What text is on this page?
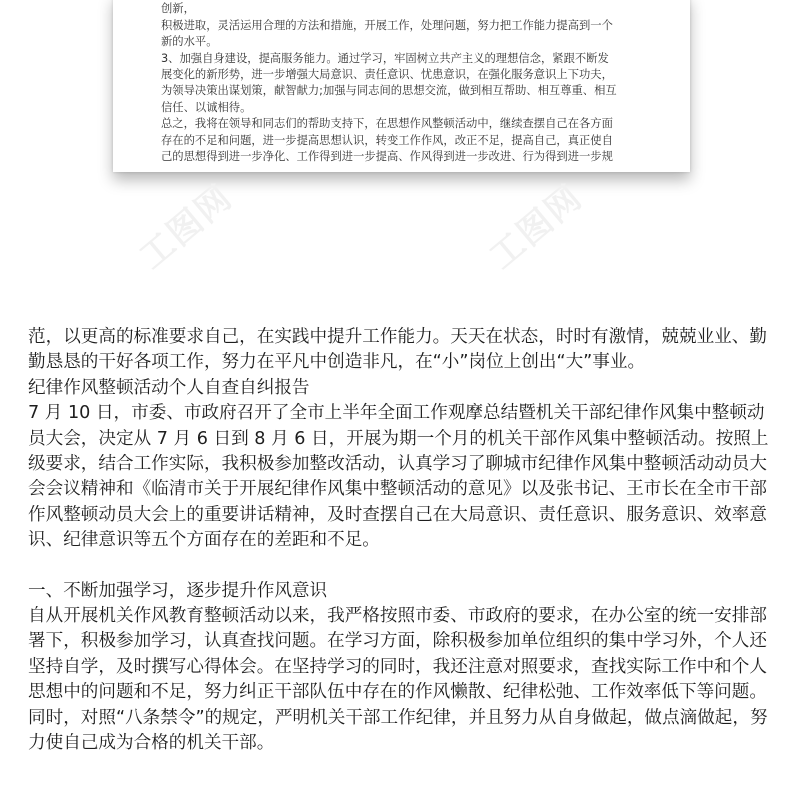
创新，

积极进取，灵活运用合理的方法和措施，开展工作，处理问题，努力把工作能力提高到一个

新的水平。

3、加强自身建设，提高服务能力。通过学习，牢固树立共产主义的理想信念，紧跟不断发

展变化的新形势，进一步增强大局意识、责任意识、忧患意识，在强化服务意识上下功夫，

为领导决策出谋划策，献智献力;加强与同志间的思想交流，做到相互帮助、相互尊重、相互

信任、以诚相待。

总之，我将在领导和同志们的帮助支持下，在思想作风整顿活动中，继续查摆自己在各方面

存在的不足和问题，进一步提高思想认识，转变工作作风，改正不足，提高自己，真正使自

己的思想得到进一步净化、工作得到进一步提高、作风得到进一步改进、行为得到进一步规

工图网	工图网

范，以更高的标准要求自己，在实践中提升工作能力。天天在状态，时时有激情，兢兢业业、勤勤恳恳的干好各项工作，努力在平凡中创造非凡，在“小”岗位上创出“大”事业。

纪律作风整顿活动个人自查自纠报告

7 月 10 日，市委、市政府召开了全市上半年全面工作观摩总结暨机关干部纪律作风集中整顿动员大会，决定从 7 月 6 日到 8 月 6 日，开展为期一个月的机关干部作风集中整顿活动。按照上级要求，结合工作实际，我积极参加整改活动，认真学习了聊城市纪律作风集中整顿活动动员大会会议精神和《临清市关于开展纪律作风集中整顿活动的意见》以及张书记、王市长在全市干部作风整顿动员大会上的重要讲话精神，及时查摆自己在大局意识、责任意识、服务意识、效率意识、纪律意识等五个方面存在的差距和不足。

一、不断加强学习，逐步提升作风意识

自从开展机关作风教育整顿活动以来，我严格按照市委、市政府的要求，在办公室的统一安排部署下，积极参加学习，认真查找问题。在学习方面，除积极参加单位组织的集中学习外，个人还坚持自学，及时撰写心得体会。在坚持学习的同时，我还注意对照要求，查找实际工作中和个人思想中的问题和不足，努力纠正干部队伍中存在的作风懒散、纪律松弛、工作效率低下等问题。同时，对照“八条禁令”的规定，严明机关干部工作纪律，并且努力从自身做起，做点滴做起，努力使自己成为合格的机关干部。
